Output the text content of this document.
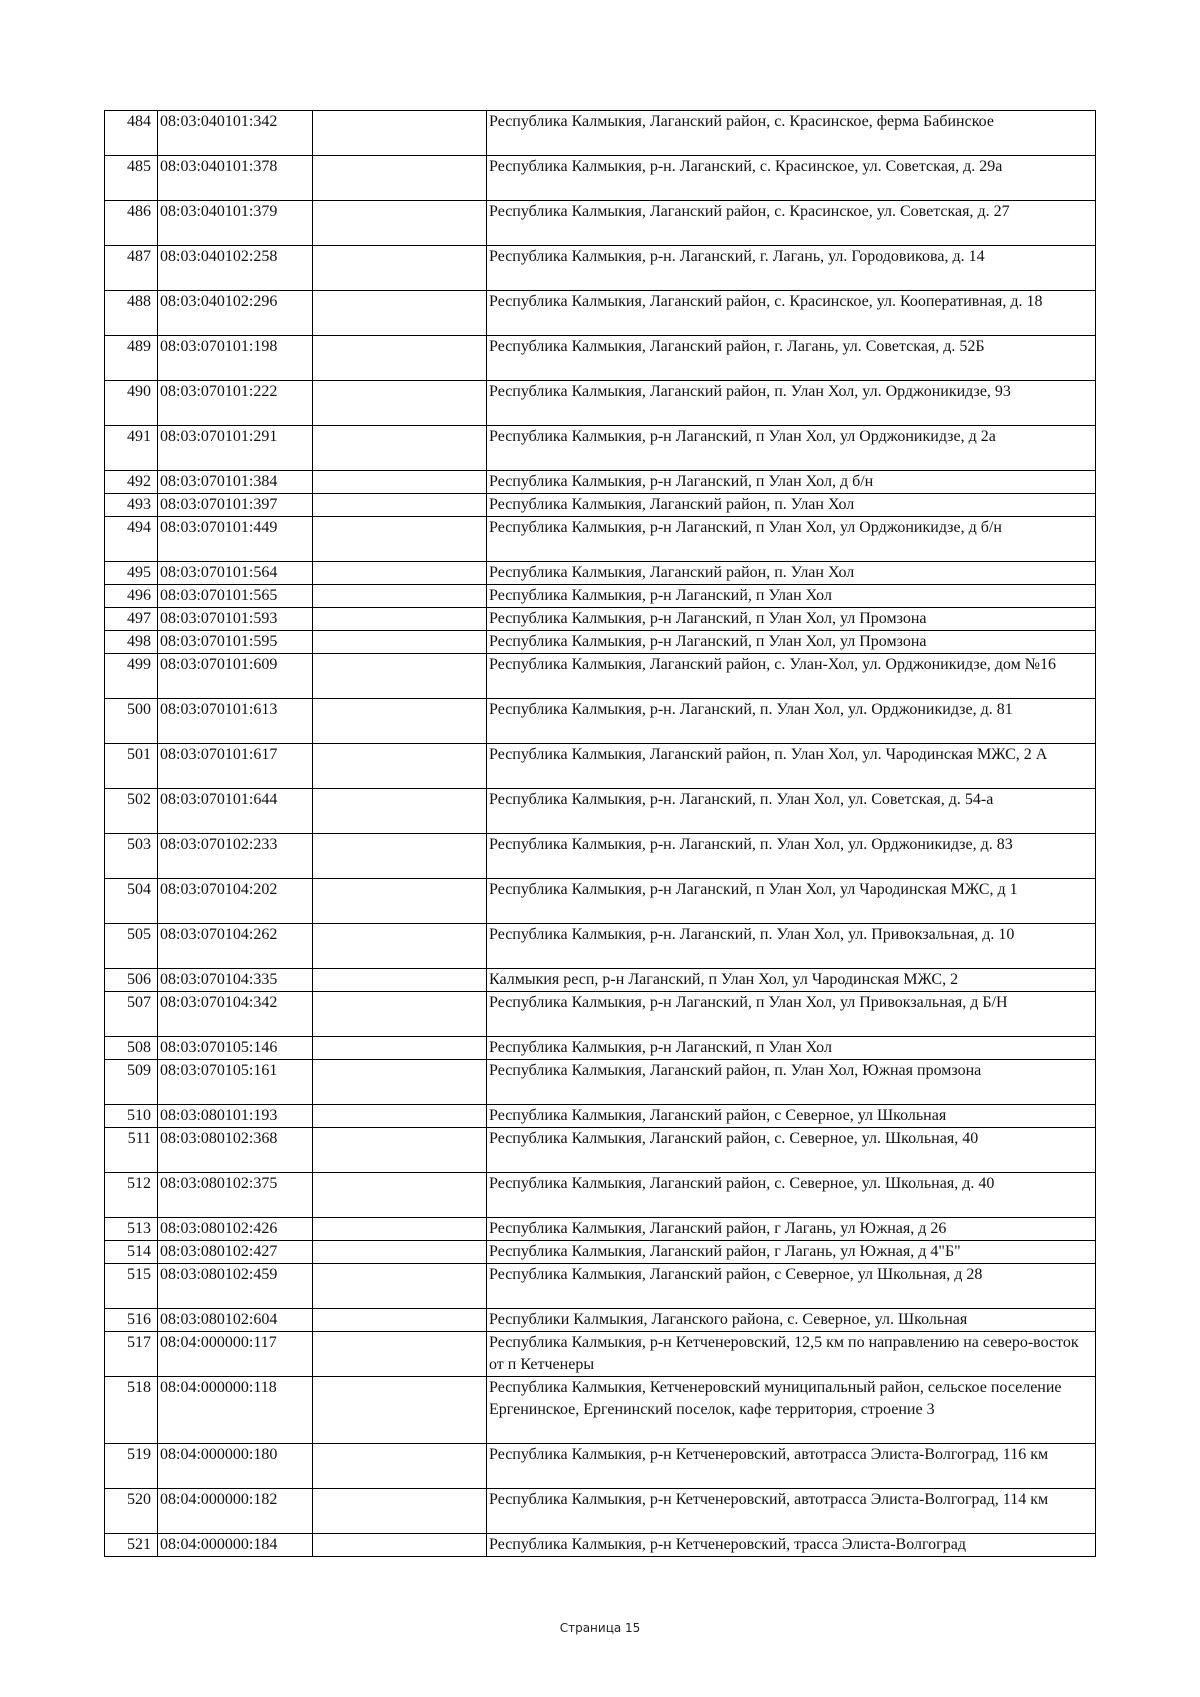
484	08:03:040101:342		Республика Калмыкия, Лаганский район, с. Красинское, ферма Бабинское
485	08:03:040101:378		Республика Калмыкия, р-н. Лаганский, с. Красинское, ул. Советская, д. 29а
486	08:03:040101:379		Республика Калмыкия, Лаганский район, с. Красинское, ул. Советская, д. 27
487	08:03:040102:258		Республика Калмыкия, р-н. Лаганский, г. Лагань, ул. Городовикова, д. 14
488	08:03:040102:296		Республика Калмыкия, Лаганский район, с. Красинское, ул. Кооперативная, д. 18
489	08:03:070101:198		Республика Калмыкия, Лаганский район, г. Лагань, ул. Советская, д. 52Б
490	08:03:070101:222		Республика Калмыкия, Лаганский район, п. Улан Хол, ул. Орджоникидзе, 93
491	08:03:070101:291		Республика Калмыкия, р-н Лаганский, п Улан Хол, ул Орджоникидзе, д 2а
492	08:03:070101:384		Республика Калмыкия, р-н Лаганский, п Улан Хол, д б/н
493	08:03:070101:397		Республика Калмыкия, Лаганский район, п. Улан Хол
494	08:03:070101:449		Республика Калмыкия, р-н Лаганский, п Улан Хол, ул Орджоникидзе, д б/н
495	08:03:070101:564		Республика Калмыкия, Лаганский район, п. Улан Хол
496	08:03:070101:565		Республика Калмыкия, р-н Лаганский, п Улан Хол
497	08:03:070101:593		Республика Калмыкия, р-н Лаганский, п Улан Хол, ул Промзона
498	08:03:070101:595		Республика Калмыкия, р-н Лаганский, п Улан Хол, ул Промзона
499	08:03:070101:609		Республика Калмыкия, Лаганский район, с. Улан-Хол, ул. Орджоникидзе, дом №16
500	08:03:070101:613		Республика Калмыкия, р-н. Лаганский, п. Улан Хол, ул. Орджоникидзе, д. 81
501	08:03:070101:617		Республика Калмыкия, Лаганский район, п. Улан Хол, ул. Чародинская МЖС, 2 А
502	08:03:070101:644		Республика Калмыкия, р-н. Лаганский, п. Улан Хол, ул. Советская, д. 54-а
503	08:03:070102:233		Республика Калмыкия, р-н. Лаганский, п. Улан Хол, ул. Орджоникидзе, д. 83
504	08:03:070104:202		Республика Калмыкия, р-н Лаганский, п Улан Хол, ул Чародинская МЖС, д 1
505	08:03:070104:262		Республика Калмыкия, р-н. Лаганский, п. Улан Хол, ул. Привокзальная, д. 10
506	08:03:070104:335		Калмыкия респ, р-н Лаганский, п Улан Хол, ул Чародинская МЖС, 2
507	08:03:070104:342		Республика Калмыкия, р-н Лаганский, п Улан Хол, ул Привокзальная, д Б/Н
508	08:03:070105:146		Республика Калмыкия, р-н Лаганский, п Улан Хол
509	08:03:070105:161		Республика Калмыкия, Лаганский район, п. Улан Хол, Южная промзона
510	08:03:080101:193		Республика Калмыкия, Лаганский район, с Северное, ул Школьная
511	08:03:080102:368		Республика Калмыкия, Лаганский район, с. Северное, ул. Школьная, 40
512	08:03:080102:375		Республика Калмыкия, Лаганский район, с. Северное, ул. Школьная, д. 40
513	08:03:080102:426		Республика Калмыкия, Лаганский район, г Лагань, ул Южная, д 26
514	08:03:080102:427		Республика Калмыкия, Лаганский район, г Лагань, ул Южная, д 4"Б"
515	08:03:080102:459		Республика Калмыкия, Лаганский район, с Северное, ул Школьная, д 28
516	08:03:080102:604		Республики Калмыкия, Лаганского района, с. Северное, ул. Школьная
517	08:04:000000:117		Республика Калмыкия, р-н Кетченеровский, 12,5 км по направлению на северо-восток от п Кетченеры
518	08:04:000000:118		Республика Калмыкия, Кетченеровский муниципальный район, сельское поселение Ергенинское, Ергенинский поселок, кафе территория, строение 3
519	08:04:000000:180		Республика Калмыкия, р-н Кетченеровский, автотрасса Элиста-Волгоград, 116 км
520	08:04:000000:182		Республика Калмыкия, р-н Кетченеровский, автотрасса Элиста-Волгоград, 114 км
521	08:04:000000:184		Республика Калмыкия, р-н Кетченеровский, трасса Элиста-Волгоград
Страница 15
